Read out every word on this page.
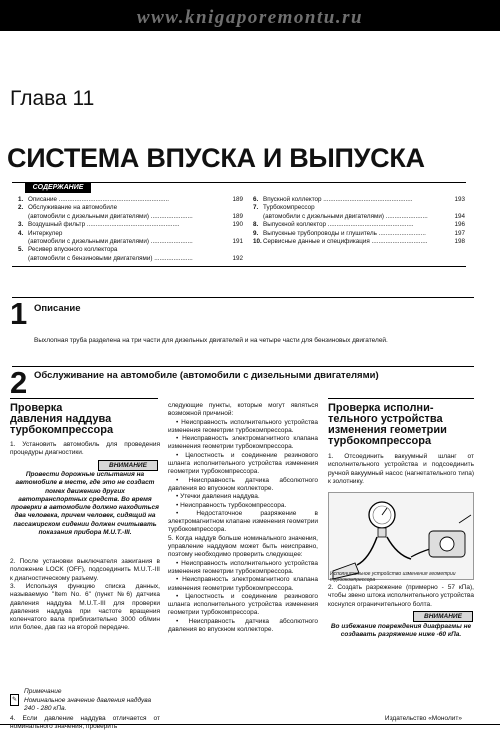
www.knigaporemontu.ru
Глава 11
СИСТЕМА ВПУСКА И ВЫПУСКА
СОДЕРЖАНИЕ
1. Описание ...............................................................	189
2. Обслуживание на автомобиле
(автомобили с дизельными двигателями) ........................	189
3. Воздушный фильтр .....................................................	190
4. Интеркулер
(автомобили с дизельными двигателями) ........................	191
5. Ресивер впускного коллектора
(автомобили с бензиновыми двигателями) ......................	192
6. Впускной коллектор ...................................................	193
7. Турбокомпрессор
(автомобили с дизельными двигателями) ........................	194
8. Выпускной коллектор .................................................	196
9. Выпускные трубопроводы и глушитель ...........................	197
10. Сервисные данные и спецификация ................................	198
1 Описание
Выхлопная труба разделена на три части для дизельных двигателей и на четыре части для бензиновых двигателей.
2 Обслуживание на автомобиле (автомобили с дизельными двигателями)
Проверка
давления наддува
турбокомпрессора
1. Установить автомобиль для проведения процедуры диагностики.
ВНИМАНИЕ
Провести дорожные испытания на автомобиле в месте, где это не создаст помех движению других автотранспортных средств. Во время проверки в автомобиле должно находиться два человека, причем человек, сидящий на пассажирском сидении должен считывать показания прибора M.U.T.-III.
2. После установки выключателя зажигания в положение LOCK (OFF), подсоединить M.U.T.-III к диагностическому разъему.
3. Используя функцию списка данных, называемую "Item No. 6" (пункт №6) датчика давления наддува M.U.T.-III для проверки давления наддува при частоте вращения коленчатого вала приблизительно 3000 об/мин или более, дав газ на второй передаче.
✎
Примечание
Номинальное значение давления наддува 240 - 280 кПа.
4. Если давление наддува отличается от номинального значения, проверить
следующие пункты, которые могут являться возможной причиной:
• Неисправность исполнительного устройства изменения геометрии турбокомпрессора.
• Неисправность электромагнитного клапана изменения геометрии турбокомпрессора.
• Целостность и соединение резинового шланга исполнительного устройства изменения геометрии турбокомпрессора.
• Неисправность датчика абсолютного давления во впускном коллекторе.
• Утечки давления наддува.
• Неисправность турбокомпрессора.
• Недостаточное разряжение в электромагнитном клапане изменения геометрии турбокомпрессора.
5. Когда наддув больше номинального значения, управление наддувом может быть неисправно, поэтому необходимо проверить следующее:
• Неисправность исполнительного устройства изменения геометрии турбокомпрессора.
• Неисправность электромагнитного клапана изменения геометрии турбокомпрессора.
• Целостность и соединение резинового шланга исполнительного устройства изменения геометрии турбокомпрессора.
• Неисправность датчика абсолютного давления во впускном коллекторе.
Проверка исполни-
тельного устройства
изменения геометрии
турбокомпрессора
1. Отсоединить вакуумный шланг от исполнительного устройства и подсоединить ручной вакуумный насос (нагнетательного типа) к золотнику.
Исполнительное устройство изменения геометрии турбокомпрессора
2. Создать разрежение (примерно - 57 кПа), чтобы звено штока исполнительного устройства коснулся ограничительного болта.
ВНИМАНИЕ
Во избежание повреждения диафрагмы не создавать разряжение ниже -60 кПа.
Издательство «Монолит»
